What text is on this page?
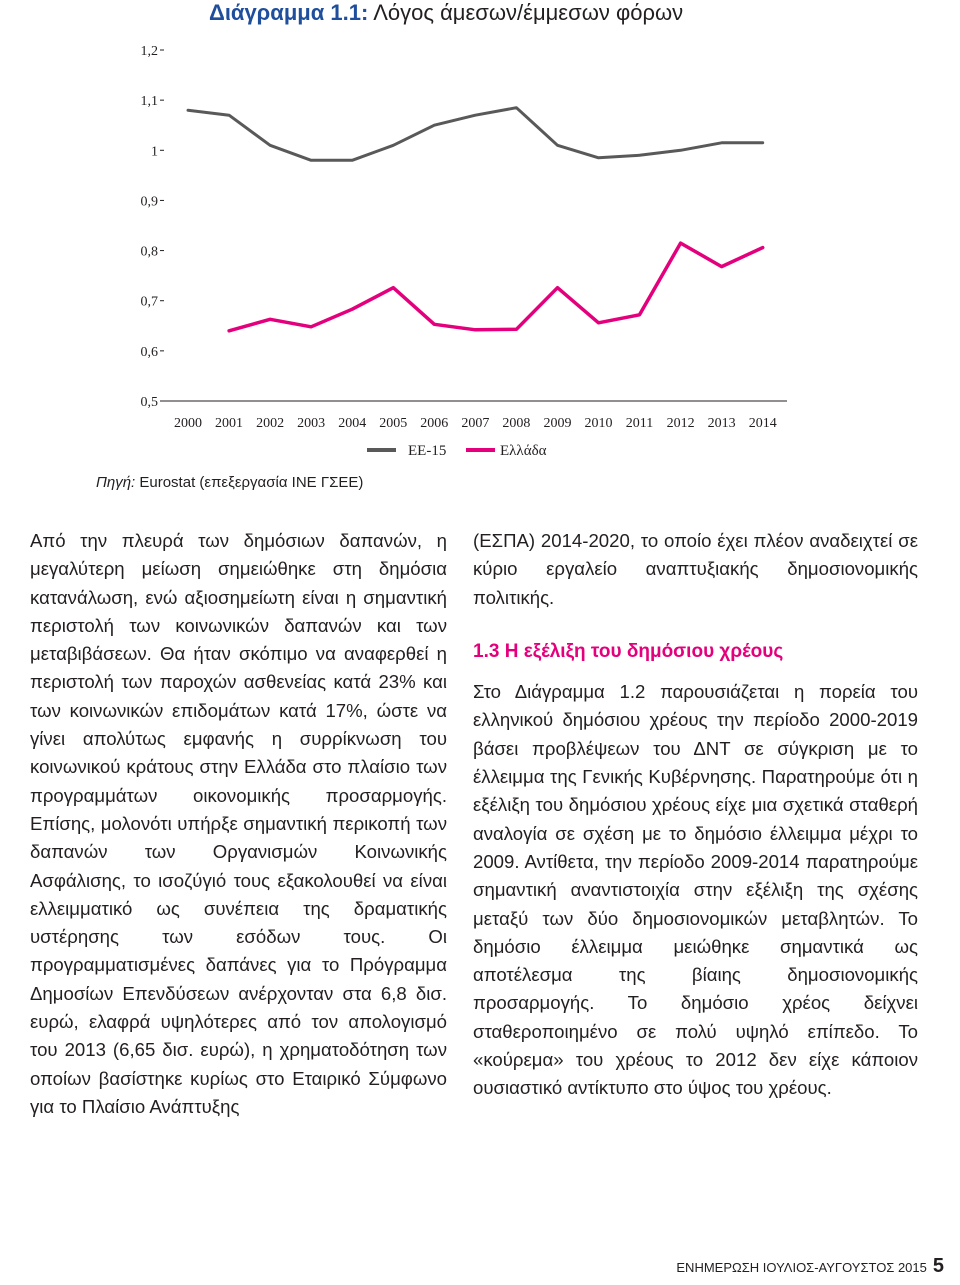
Διάγραμμα 1.1: Λόγος άμεσων/έμμεσων φόρων
0,5
0,6
0,7
0,8
0,9
1
1,1
1,2
2000 2001 2002 2003 2004 2005 2006 2007 2008 2009 2010 2011 2012 2013 2014
ΕΕ-15	Ελλάδα
Πηγή: Eurostat (επεξεργασία ΙΝΕ ΓΣΕΕ)

Από την πλευρά των δημόσιων δαπανών, η μεγαλύτερη μείωση σημειώθηκε στη δημόσια κατανάλωση, ενώ αξιοσημείωτη είναι η σημαντική περιστολή των κοινωνικών δαπανών και των μεταβιβάσεων. Θα ήταν σκόπιμο να αναφερθεί η περιστολή των παροχών ασθενείας κατά 23% και των κοινωνικών επιδομάτων κατά 17%, ώστε να γίνει απολύτως εμφανής η συρρίκνωση του κοινωνικού κράτους στην Ελλάδα στο πλαίσιο των προγραμμάτων οικονομικής προσαρμογής. Επίσης, μολονότι υπήρξε σημαντική περικοπή των δαπανών των Οργανισμών Κοινωνικής Ασφάλισης, το ισοζύγιό τους εξακολουθεί να είναι ελλειμματικό ως συνέπεια της δραματικής υστέρησης των εσόδων τους. Οι προγραμματισμένες δαπάνες για το Πρόγραμμα Δημοσίων Επενδύσεων ανέρχονταν στα 6,8 δισ. ευρώ, ελαφρά υψηλότερες από τον απολογισμό του 2013 (6,65 δισ. ευρώ), η χρηματοδότηση των οποίων βασίστηκε κυρίως στο Εταιρικό Σύμφωνο για το Πλαίσιο Ανάπτυξης

(ΕΣΠΑ) 2014-2020, το οποίο έχει πλέον αναδειχτεί σε κύριο εργαλείο αναπτυξιακής δημοσιονομικής πολιτικής.

1.3 Η εξέλιξη του δημόσιου χρέους

Στο Διάγραμμα 1.2 παρουσιάζεται η πορεία του ελληνικού δημόσιου χρέους την περίοδο 2000-2019 βάσει προβλέψεων του ΔΝΤ σε σύγκριση με το έλλειμμα της Γενικής Κυβέρνησης. Παρατηρούμε ότι η εξέλιξη του δημόσιου χρέους είχε μια σχετικά σταθερή αναλογία σε σχέση με το δημόσιο έλλειμμα μέχρι το 2009. Αντίθετα, την περίοδο 2009-2014 παρατηρούμε σημαντική αναντιστοιχία στην εξέλιξη της σχέσης μεταξύ των δύο δημοσιονομικών μεταβλητών. Το δημόσιο έλλειμμα μειώθηκε σημαντικά ως αποτέλεσμα της βίαιης δημοσιονομικής προσαρμογής. Το δημόσιο χρέος δείχνει σταθεροποιημένο σε πολύ υψηλό επίπεδο. Το «κούρεμα» του χρέους το 2012 δεν είχε κάποιον ουσιαστικό αντίκτυπο στο ύψος του χρέους.

ΕΝΗΜΕΡΩΣΗ ΙΟΥΛΙΟΣ-ΑΥΓΟΥΣΤΟΣ 2015 5
